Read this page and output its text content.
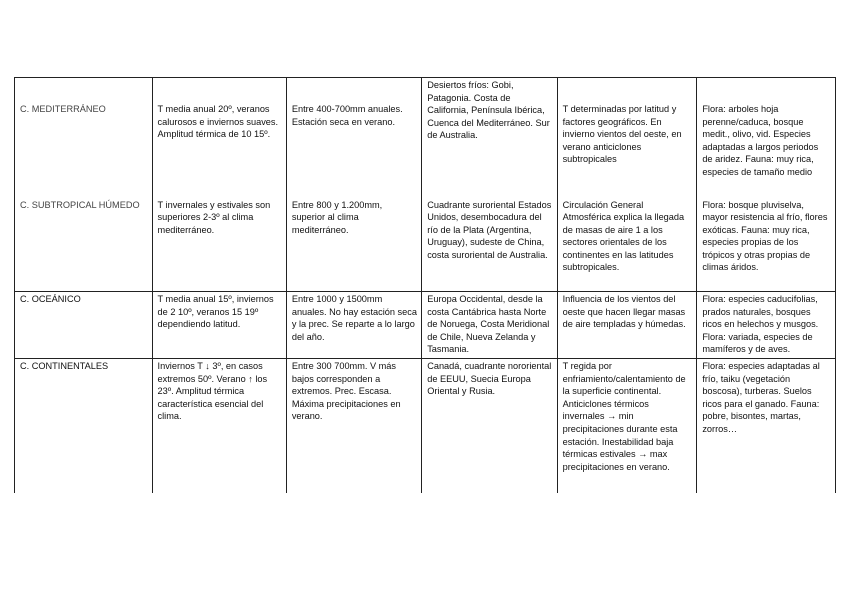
C. MEDITERRÁNEO	T media anual 20º, veranos calurosos e inviernos suaves. Amplitud térmica de 10 15º.	Entre 400-700mm anuales. Estación seca en verano.	Desiertos fríos: Gobi, Patagonia. Costa de California, Península Ibérica, Cuenca del Mediterráneo. Sur de Australia.	T determinadas por latitud y factores geográficos. En invierno vientos del oeste, en verano anticiclones subtropicales	Flora: arboles hoja perenne/caduca, bosque medit., olivo, vid. Especies adaptadas a largos periodos de aridez. Fauna: muy rica, especies de tamaño medio
C. SUBTROPICAL HÚMEDO	T invernales y estivales son superiores 2-3º al clima mediterráneo.	Entre 800 y 1.200mm, superior al clima mediterráneo.	Cuadrante suroriental Estados Unidos, desembocadura del río de la Plata (Argentina, Uruguay), sudeste de China, costa suroriental de Australia.	Circulación General Atmosférica explica la llegada de masas de aire 1 a los sectores orientales de los continentes en las latitudes subtropicales.	Flora: bosque pluviselva, mayor resistencia al frío, flores exóticas. Fauna: muy rica, especies propias de los trópicos y otras propias de climas áridos.
C. OCEÁNICO	T media anual 15º, inviernos de 2 10º, veranos 15 19º dependiendo latitud.	Entre 1000 y 1500mm anuales. No hay estación seca y la prec. Se reparte a lo largo del año.	Europa Occidental, desde la costa Cantábrica hasta Norte de Noruega, Costa Meridional de Chile, Nueva Zelanda y Tasmania.	Influencia de los vientos del oeste que hacen llegar masas de aire templadas y húmedas.	Flora: especies caducifolias, prados naturales, bosques ricos en helechos y musgos. Flora: variada, especies de mamíferos y de aves.
C. CONTINENTALES	Inviernos T ↓ 3º, en casos extremos 50º. Verano ↑ los 23º. Amplitud térmica característica esencial del clima.	Entre 300 700mm. V más bajos corresponden a extremos. Prec. Escasa. Máxima precipitaciones en verano.	Canadá, cuadrante nororiental de EEUU, Suecia Europa Oriental y Rusia.	T regida por enfriamiento/calentamiento de la superficie continental. Anticiclones térmicos invernales → min precipitaciones durante esta estación. Inestabilidad baja térmicas estivales → max precipitaciones en verano.	Flora: especies adaptadas al frío, taiku (vegetación boscosa), turberas. Suelos ricos para el ganado. Fauna: pobre, bisontes, martas, zorros…
